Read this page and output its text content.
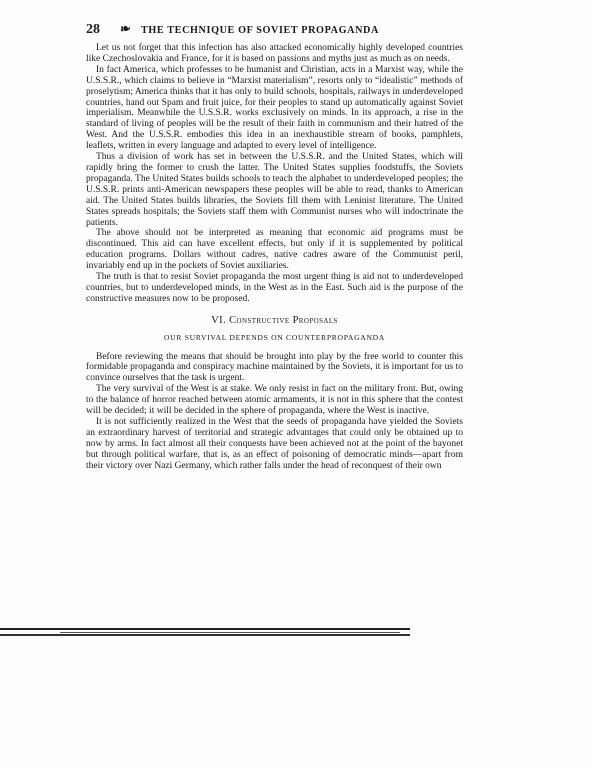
28 ❧ THE TECHNIQUE OF SOVIET PROPAGANDA

Let us not forget that this infection has also attacked economically highly developed countries like Czechoslovakia and France, for it is based on passions and myths just as much as on needs.

In fact America, which professes to be humanist and Christian, acts in a Marxist way, while the U.S.S.R., which claims to believe in “Marxist materialism”, resorts only to “idealistic” methods of proselytism; America thinks that it has only to build schools, hospitals, railways in underdeveloped countries, hand out Spam and fruit juice, for their peoples to stand up automatically against Soviet imperialism. Meanwhile the U.S.S.R. works exclusively on minds. In its approach, a rise in the standard of living of peoples will be the result of their faith in communism and their hatred of the West. And the U.S.S.R. embodies this idea in an inexhaustible stream of books, pamphlets, leaflets, written in every language and adapted to every level of intelligence.

Thus a division of work has set in between the U.S.S.R. and the United States, which will rapidly bring the former to crush the latter. The United States supplies foodstuffs, the Soviets propaganda. The United States builds schools to teach the alphabet to underdeveloped peoples; the U.S.S.R. prints anti-American newspapers these peoples will be able to read, thanks to American aid. The United States builds libraries, the Soviets fill them with Leninist literature. The United States spreads hospitals; the Soviets staff them with Communist nurses who will indoctrinate the patients.

The above should not be interpreted as meaning that economic aid programs must be discontinued. This aid can have excellent effects, but only if it is supplemented by political education programs. Dollars without cadres, native cadres aware of the Communist peril, invariably end up in the pockets of Soviet auxiliaries.

The truth is that to resist Soviet propaganda the most urgent thing is aid not to underdeveloped countries, but to underdeveloped minds, in the West as in the East. Such aid is the purpose of the constructive measures now to be proposed.

VI. Constructive Proposals
OUR SURVIVAL DEPENDS ON COUNTERPROPAGANDA

Before reviewing the means that should be brought into play by the free world to counter this formidable propaganda and conspiracy machine maintained by the Soviets, it is important for us to convince ourselves that the task is urgent.

The very survival of the West is at stake. We only resist in fact on the military front. But, owing to the balance of horror reached between atomic armaments, it is not in this sphere that the contest will be decided; it will be decided in the sphere of propaganda, where the West is inactive.

It is not sufficiently realized in the West that the seeds of propaganda have yielded the Soviets an extraordinary harvest of territorial and strategic advantages that could only be obtained up to now by arms. In fact almost all their conquests have been achieved not at the point of the bayonet but through political warfare, that is, as an effect of poisoning of democratic minds—apart from their victory over Nazi Germany, which rather falls under the head of reconquest of their own
